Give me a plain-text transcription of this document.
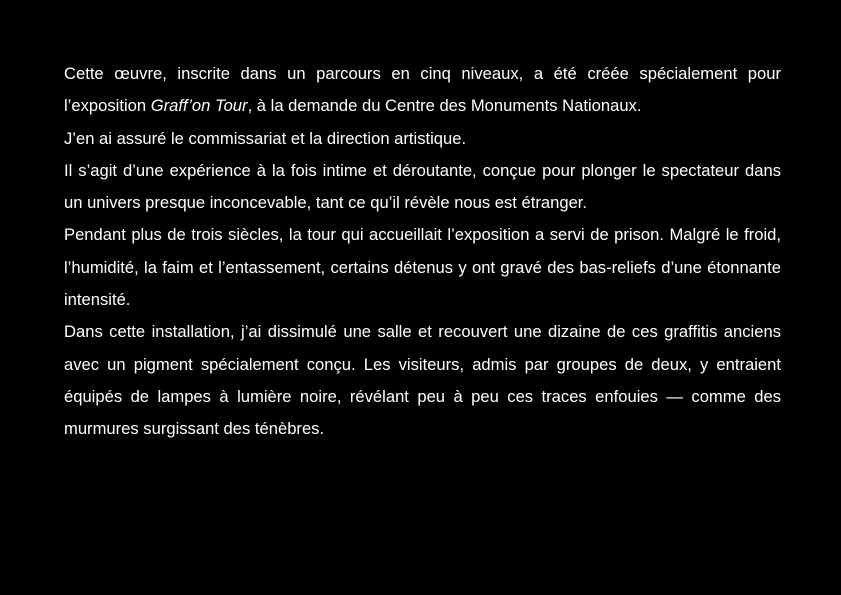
Cette œuvre, inscrite dans un parcours en cinq niveaux, a été créée spécialement pour l’exposition Graff’on Tour, à la demande du Centre des Monuments Nationaux.

J’en ai assuré le commissariat et la direction artistique.

Il s’agit d’une expérience à la fois intime et déroutante, conçue pour plonger le spectateur dans un univers presque inconcevable, tant ce qu’il révèle nous est étranger.

Pendant plus de trois siècles, la tour qui accueillait l’exposition a servi de prison. Malgré le froid, l’humidité, la faim et l’entassement, certains détenus y ont gravé des bas-reliefs d’une étonnante intensité.

Dans cette installation, j’ai dissimulé une salle et recouvert une dizaine de ces graffitis anciens avec un pigment spécialement conçu. Les visiteurs, admis par groupes de deux, y entraient équipés de lampes à lumière noire, révélant peu à peu ces traces enfouies — comme des murmures surgissant des ténèbres.
